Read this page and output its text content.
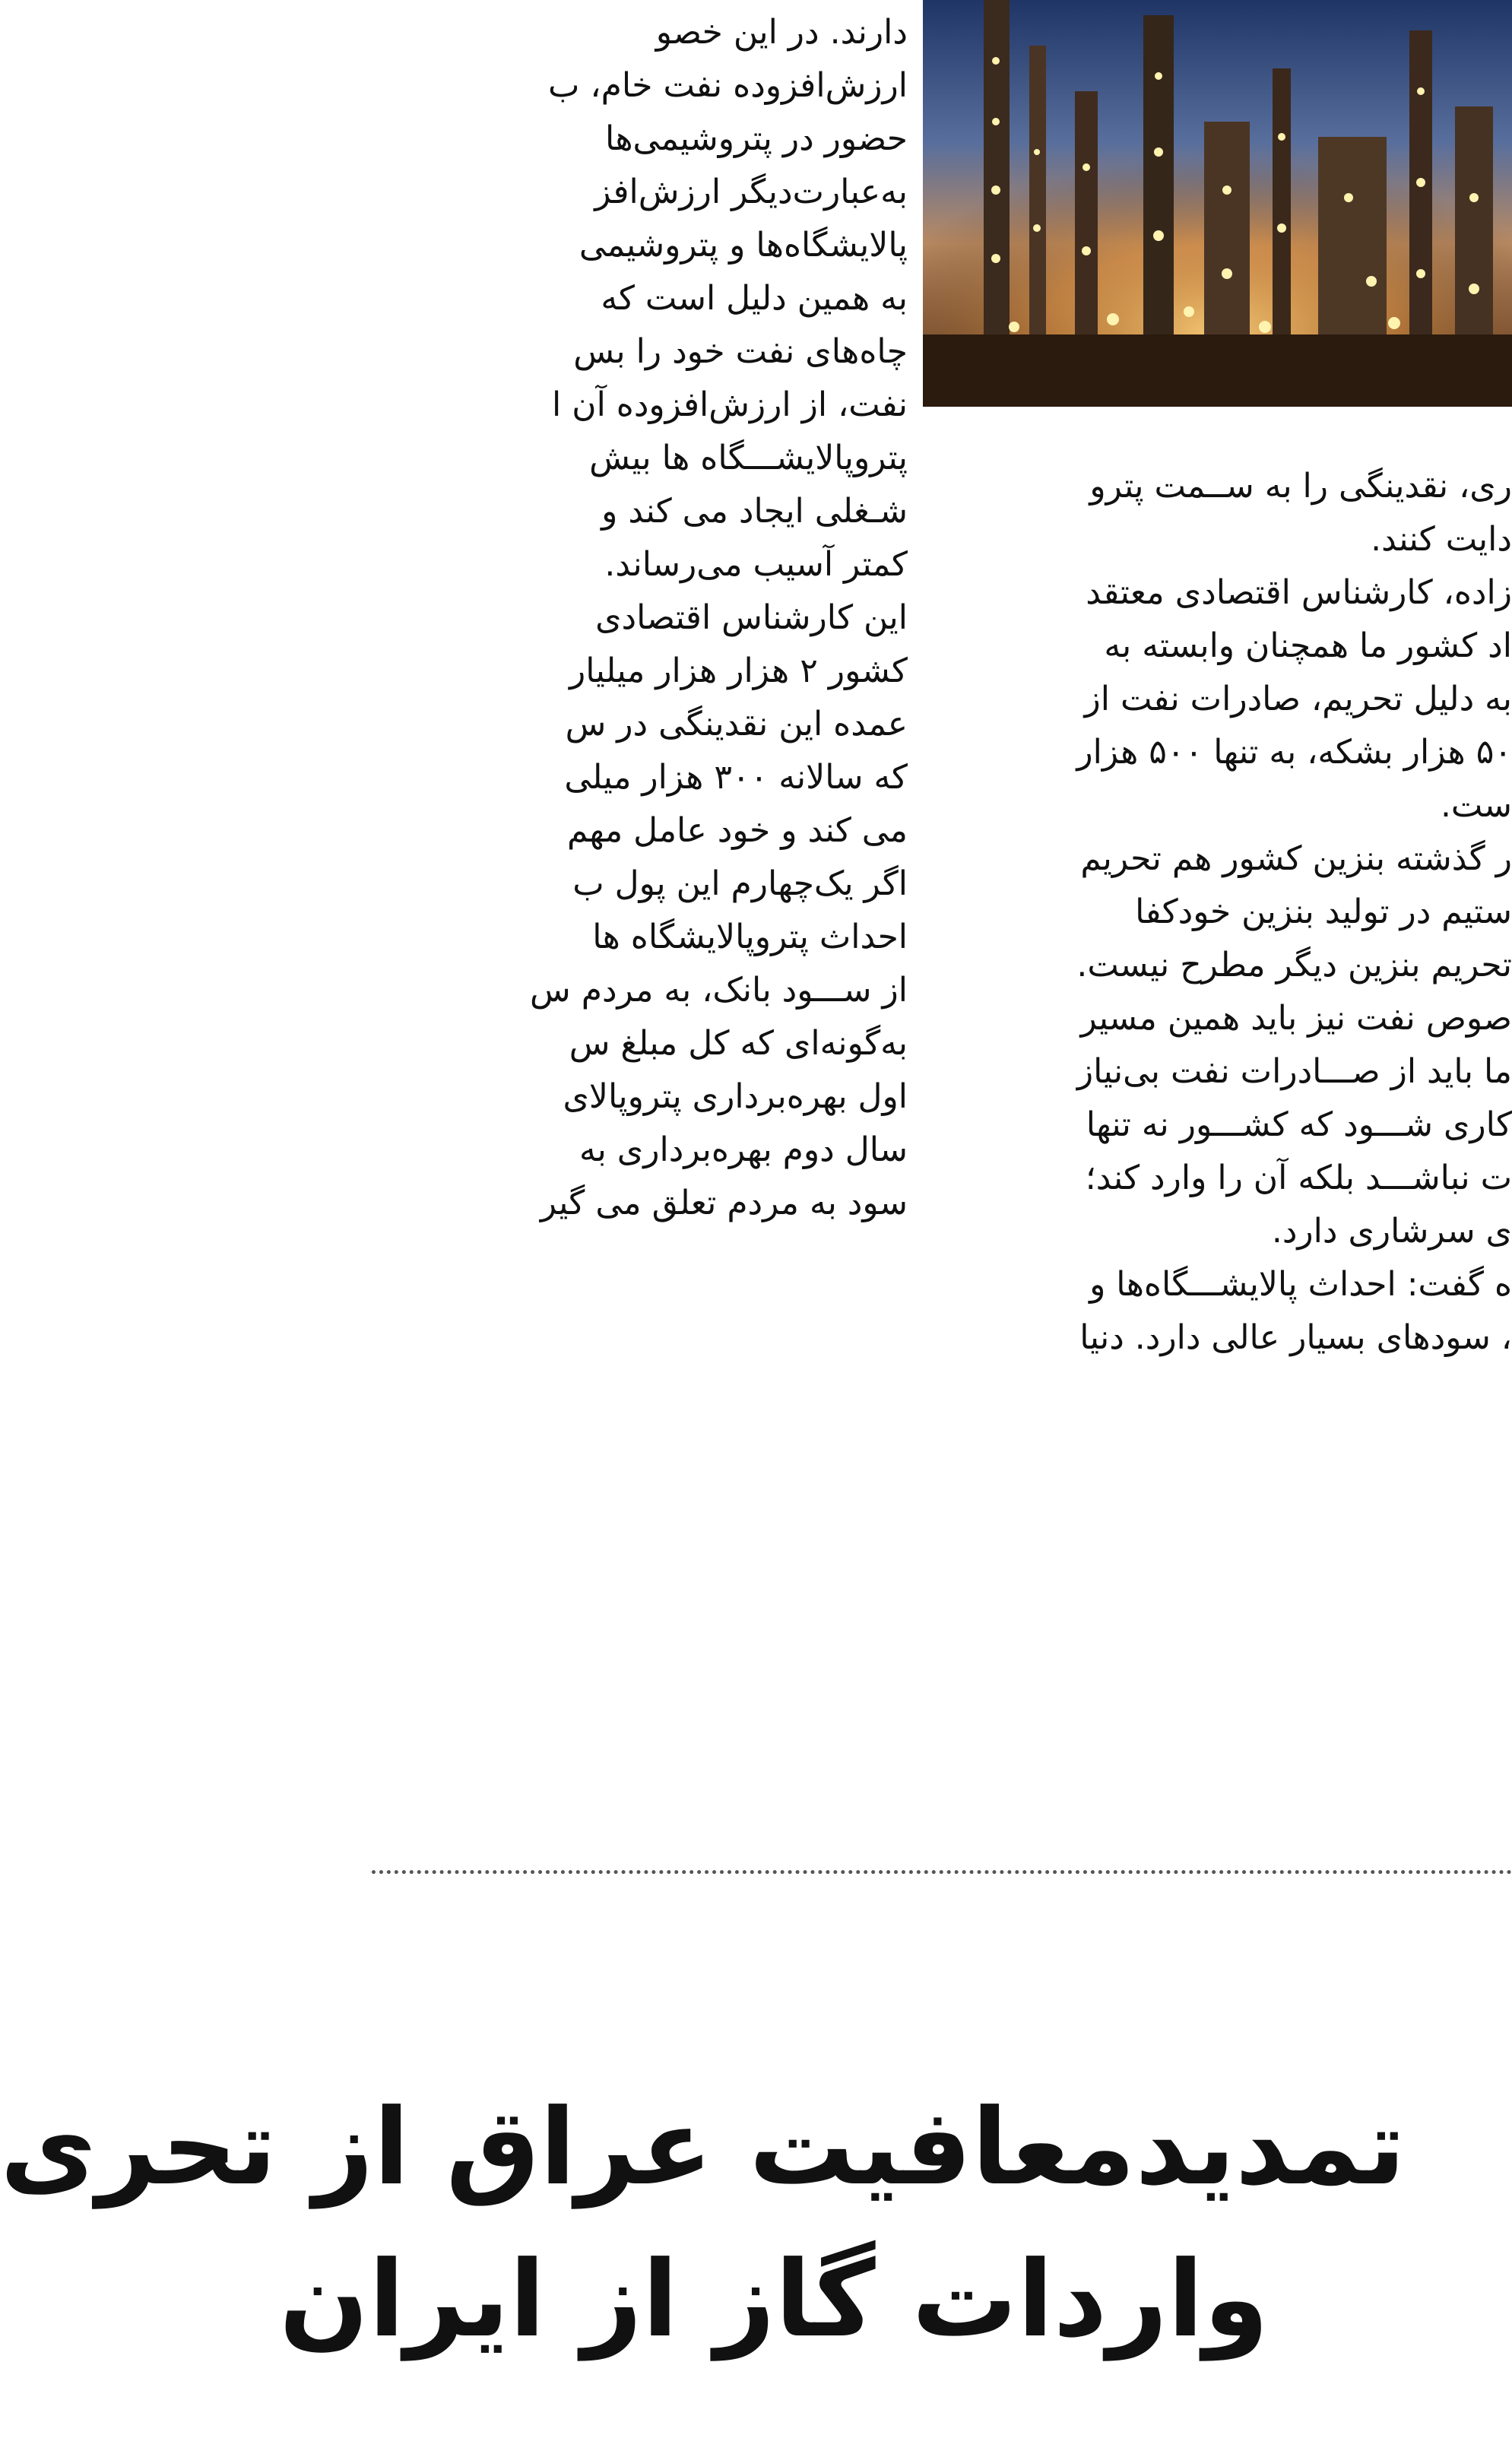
دارند. در این خصو
ارزش‌افزوده نفت خام، ب
حضور در پتروشیمی‌ها
به‌عبارت‌دیگر ارزش‌افز
پالایشگاه‌ها و پتروشیمی
به همین دلیل است که
چاه‌های نفت خود را بس
نفت، از ارزش‌افزوده آن ا
پتروپالایشـــگاه ها بیش
شـغلی ایجاد می کند و
کمتر آسیب می‌رساند.
این کارشناس اقتصادی
کشور ۲ هزار هزار میلیار
عمده این نقدینگی در س
که سالانه ۳۰۰ هزار میلی
می کند و خود عامل مهم
اگر یک‌چهارم این پول ب
احداث پتروپالایشگاه ها
از ســـود بانک، به مردم س
به‌گونه‌ای که کل مبلغ س
اول بهره‌برداری پتروپالای
سال دوم بهره‌برداری به
سود به مردم تعلق می گیر
ری، نقدینگی را به ســمت پترو
دایت کنند.
زاده، کارشناس اقتصادی معتقد
اد کشور ما همچنان وابسته به
به دلیل تحریم، صادرات نفت از
۵۰ هزار بشکه، به تنها ۵۰۰ هزار
ست.
ر گذشته بنزین کشور هم تحریم
ستیم در تولید بنزین خودکفا
تحریم بنزین دیگر مطرح نیست.
صوص نفت نیز باید همین مسیر
ما باید از صـــادرات نفت بی‌نیاز
کاری شـــود که کشـــور نه تنها
ت نباشـــد بلکه آن را وارد کند؛
ی سرشاری دارد.
ه گفت: احداث پالایشـــگاه‌ها و
، سودهای بسیار عالی دارد. دنیا
تمدیدمعافیت عراق از تحری
واردات گاز از ایران
